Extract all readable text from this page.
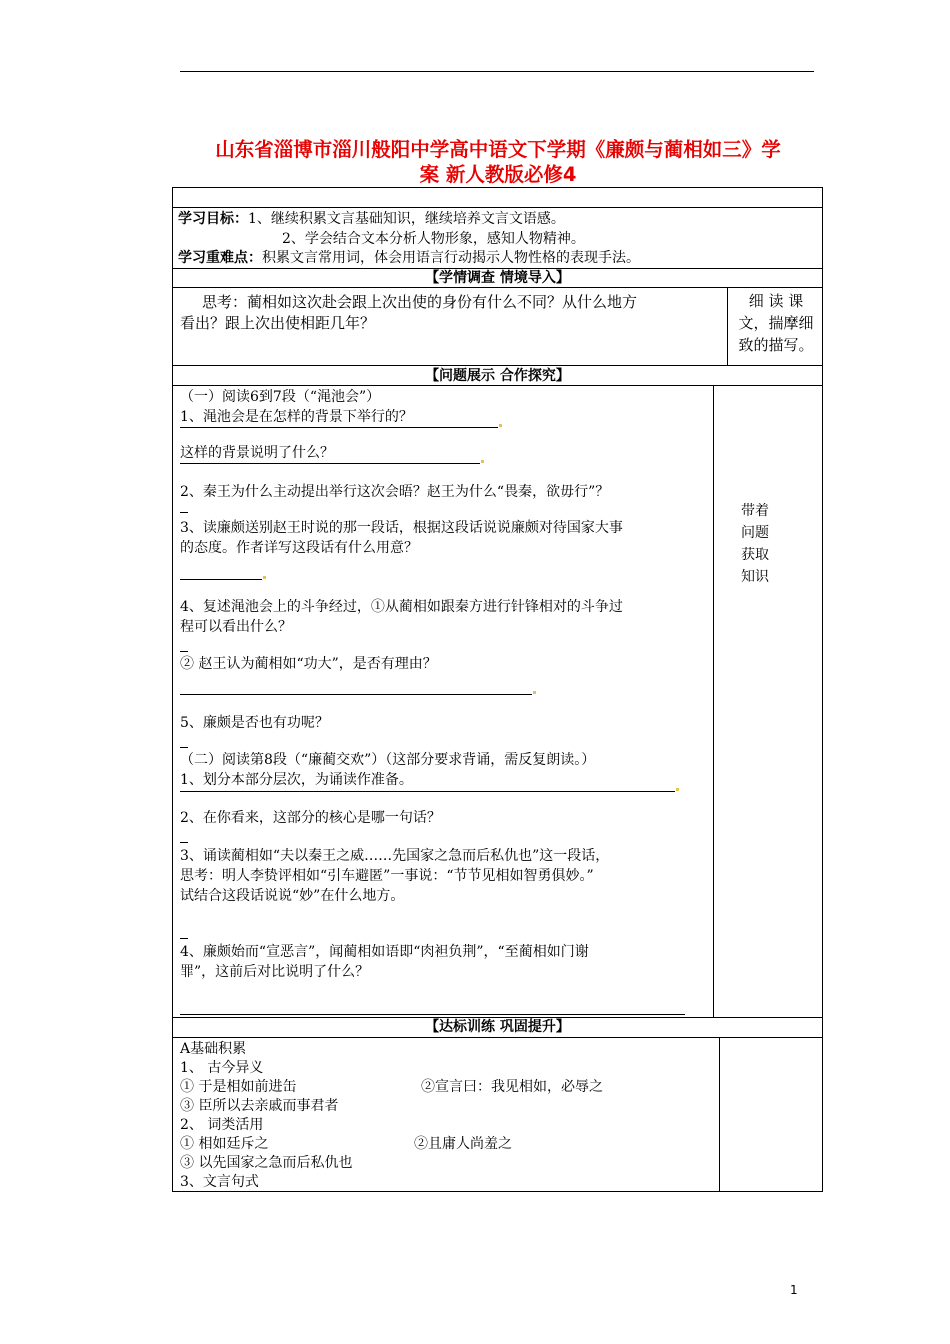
山东省淄博市淄川般阳中学高中语文下学期《廉颇与蔺相如三》学
案 新人教版必修4
学习目标：1、继续积累文言基础知识，继续培养文言文语感。
2、学会结合文本分析人物形象，感知人物精神。
学习重难点：积累文言常用词，体会用语言行动揭示人物性格的表现手法。
【学情调查 情境导入】
思考：蔺相如这次赴会跟上次出使的身份有什么不同？从什么地方
看出？跟上次出使相距几年？
细 读 课
文，揣摩细
致的描写。
【问题展示 合作探究】
（一）阅读6到7段（“渑池会”）
1、渑池会是在怎样的背景下举行的？
这样的背景说明了什么？
2、秦王为什么主动提出举行这次会晤？赵王为什么“畏秦，欲毋行”？
3、读廉颇送别赵王时说的那一段话，根据这段话说说廉颇对待国家大事
的态度。作者详写这段话有什么用意？
4、复述渑池会上的斗争经过，①从蔺相如跟秦方进行针锋相对的斗争过
程可以看出什么？
② 赵王认为蔺相如“功大”，是否有理由？
5、廉颇是否也有功呢？
（二）阅读第8段（“廉蔺交欢”）（这部分要求背诵，需反复朗读。）
1、划分本部分层次，为诵读作准备。
2、在你看来，这部分的核心是哪一句话？
3、诵读蔺相如“夫以秦王之威……先国家之急而后私仇也”这一段话，
思考：明人李贽评相如“引车避匿”一事说：“节节见相如智勇俱妙。”
试结合这段话说说“妙”在什么地方。
4、廉颇始而“宣恶言”，闻蔺相如语即“肉袒负荆”，“至蔺相如门谢
罪”，这前后对比说明了什么？
带着
问题
获取
知识
【达标训练 巩固提升】
A基础积累
1、 古今异义
① 于是相如前进缶	②宣言曰：我见相如，必辱之
③ 臣所以去亲戚而事君者
2、 词类活用
① 相如廷斥之	②且庸人尚羞之
③ 以先国家之急而后私仇也
3、文言句式
1
